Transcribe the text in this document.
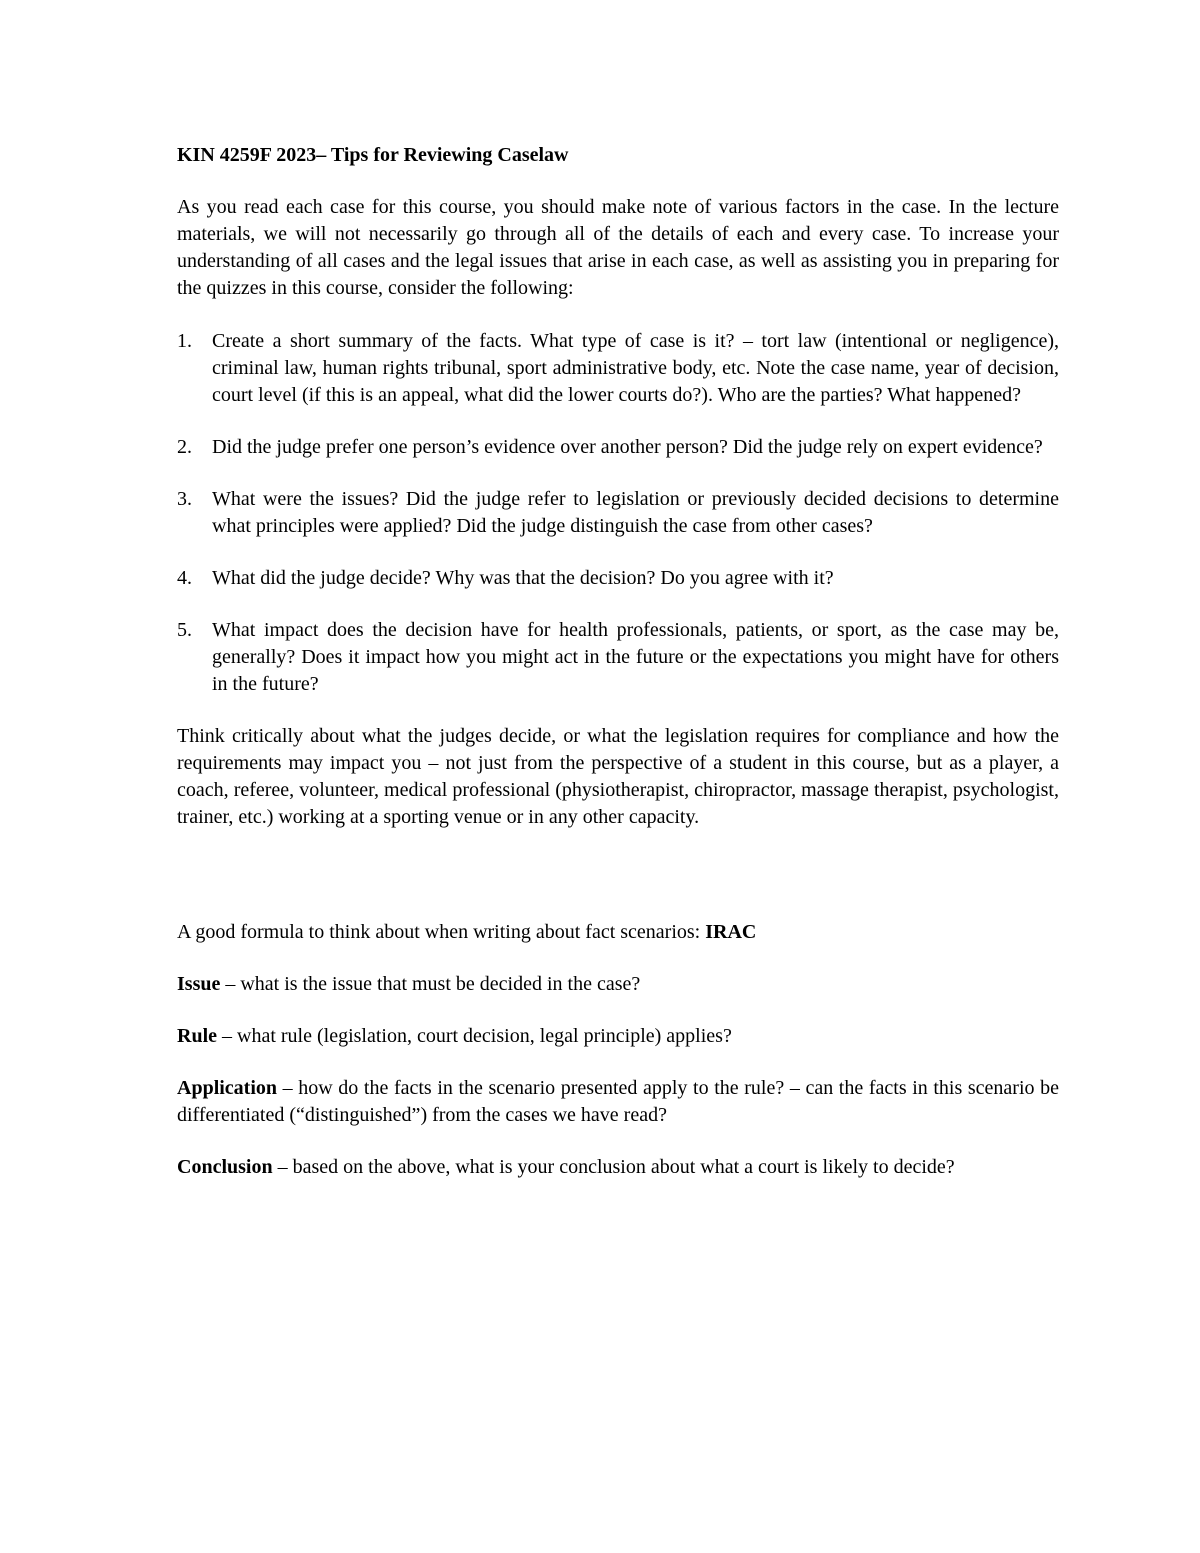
KIN 4259F 2023– Tips for Reviewing Caselaw

As you read each case for this course, you should make note of various factors in the case. In the lecture materials, we will not necessarily go through all of the details of each and every case. To increase your understanding of all cases and the legal issues that arise in each case, as well as assisting you in preparing for the quizzes in this course, consider the following:

1. Create a short summary of the facts. What type of case is it? – tort law (intentional or negligence), criminal law, human rights tribunal, sport administrative body, etc. Note the case name, year of decision, court level (if this is an appeal, what did the lower courts do?). Who are the parties? What happened?
2. Did the judge prefer one person’s evidence over another person? Did the judge rely on expert evidence?
3. What were the issues? Did the judge refer to legislation or previously decided decisions to determine what principles were applied? Did the judge distinguish the case from other cases?
4. What did the judge decide? Why was that the decision? Do you agree with it?
5. What impact does the decision have for health professionals, patients, or sport, as the case may be, generally? Does it impact how you might act in the future or the expectations you might have for others in the future?

Think critically about what the judges decide, or what the legislation requires for compliance and how the requirements may impact you – not just from the perspective of a student in this course, but as a player, a coach, referee, volunteer, medical professional (physiotherapist, chiropractor, massage therapist, psychologist, trainer, etc.) working at a sporting venue or in any other capacity.

A good formula to think about when writing about fact scenarios: IRAC

Issue – what is the issue that must be decided in the case?

Rule – what rule (legislation, court decision, legal principle) applies?

Application – how do the facts in the scenario presented apply to the rule? – can the facts in this scenario be differentiated (“distinguished”) from the cases we have read?

Conclusion – based on the above, what is your conclusion about what a court is likely to decide?
